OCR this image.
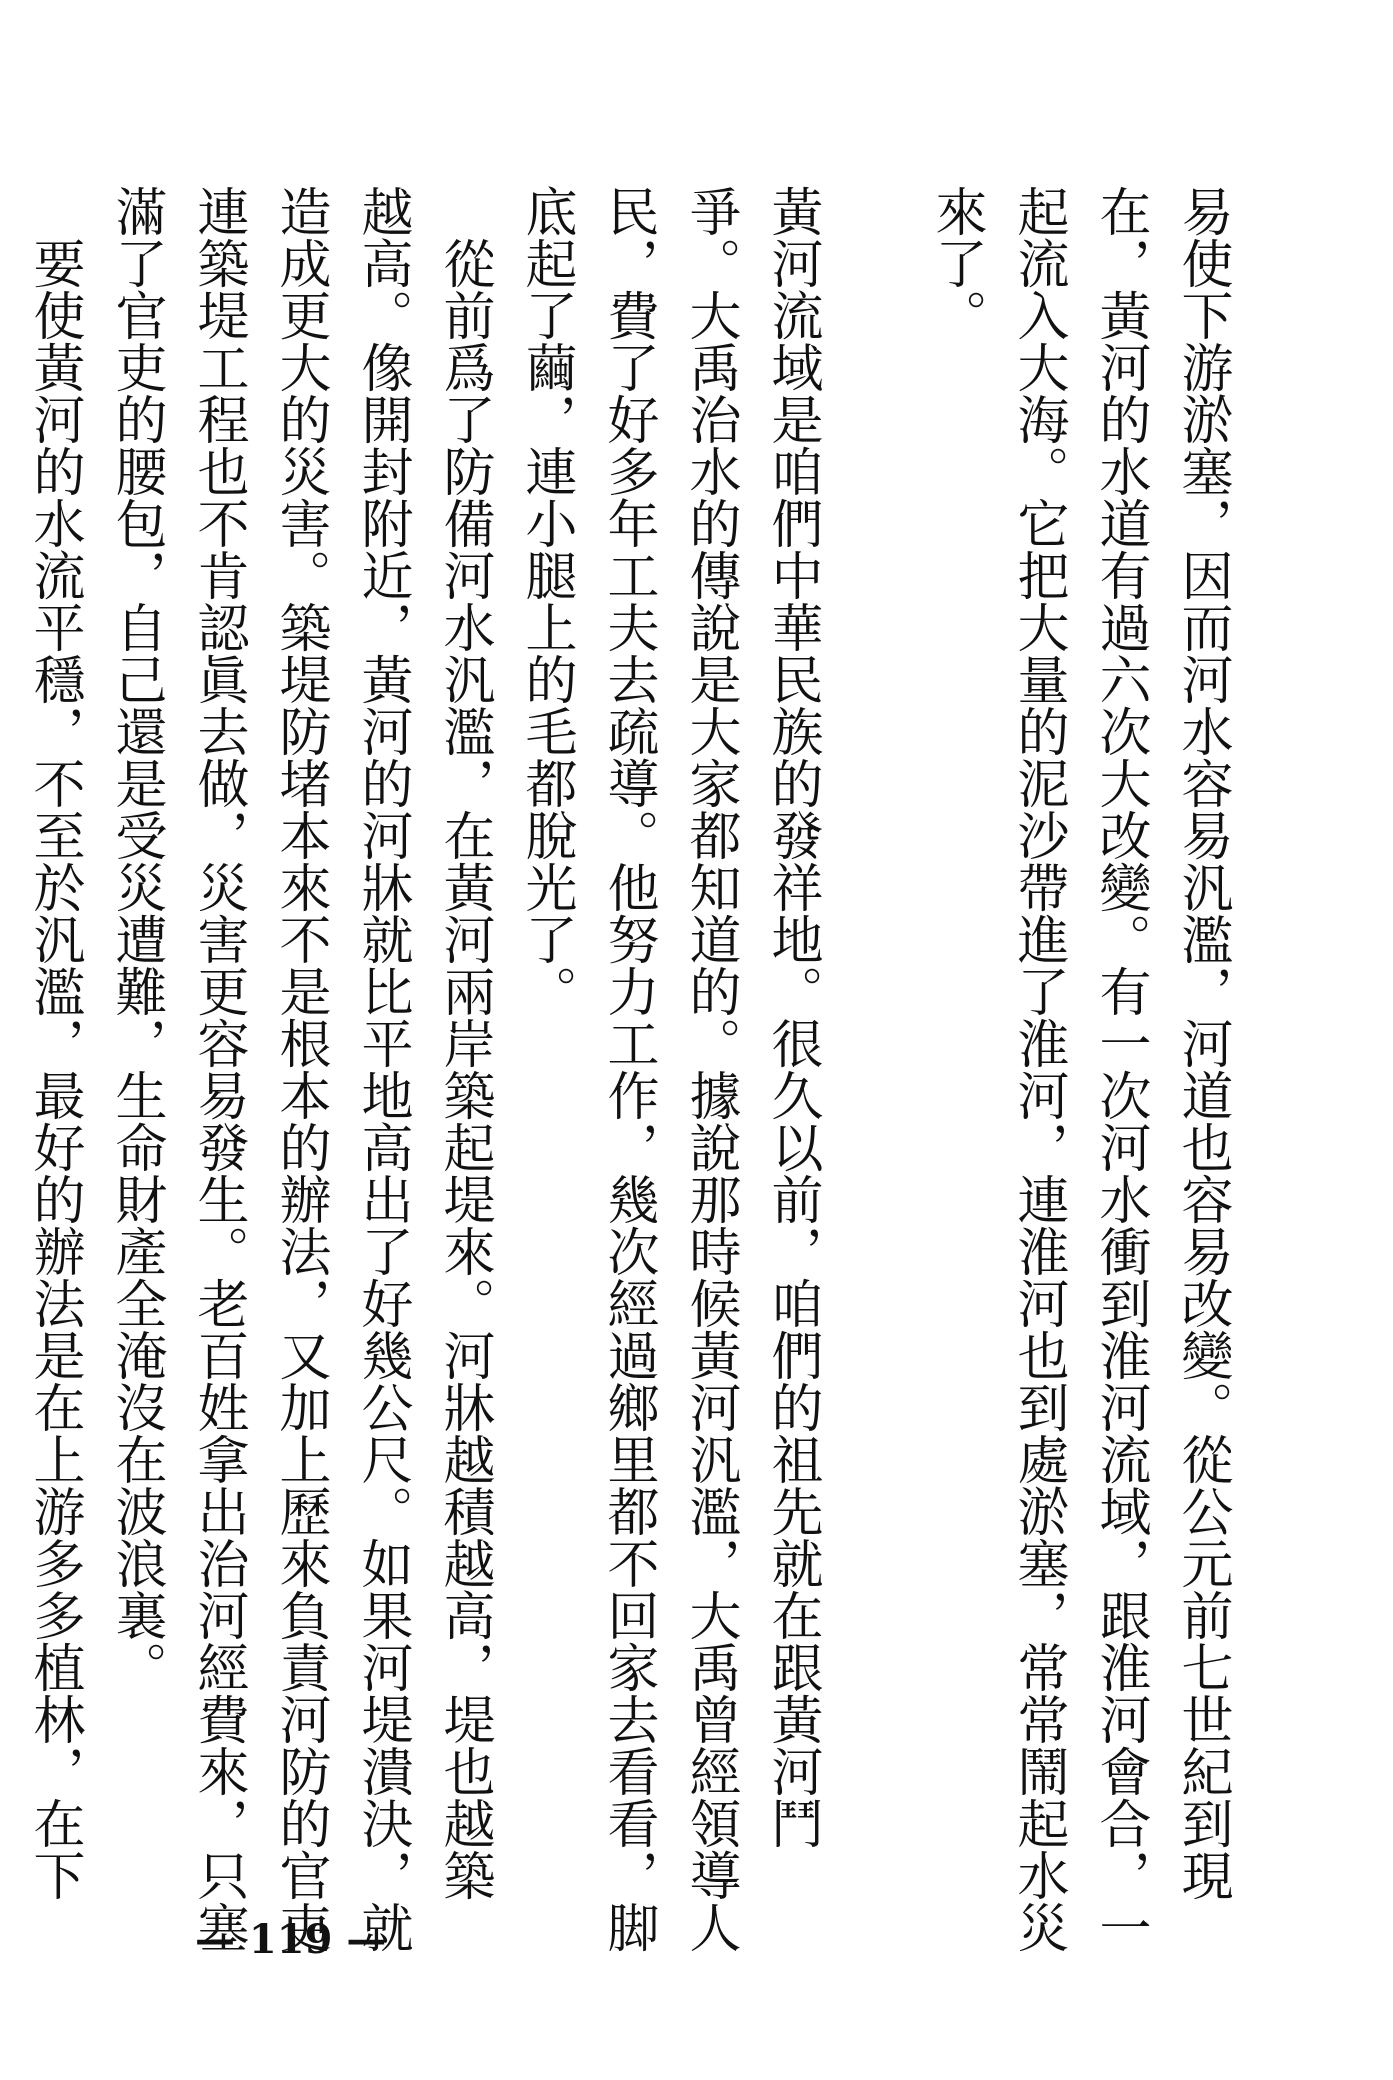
易使下游淤塞，因而河水容易汎濫，河道也容易改變。從公元前七世紀到現
在，黃河的水道有過六次大改變。有一次河水衝到淮河流域，跟淮河會合，一
起流入大海。它把大量的泥沙帶進了淮河，連淮河也到處淤塞，常常鬧起水災
來了。

黃河流域是咱們中華民族的發祥地。很久以前，咱們的祖先就在跟黃河鬥
爭。大禹治水的傳說是大家都知道的。據說那時候黃河汎濫，大禹曾經領導人
民，費了好多年工夫去疏導。他努力工作，幾次經過鄉里都不回家去看看，脚
底起了繭，連小腿上的毛都脫光了。
　從前爲了防備河水汎濫，在黃河兩岸築起堤來。河牀越積越高，堤也越築
越高。像開封附近，黃河的河牀就比平地高出了好幾公尺。如果河堤潰決，就
造成更大的災害。築堤防堵本來不是根本的辦法，又加上歷來負責河防的官吏
連築堤工程也不肯認眞去做，災害更容易發生。老百姓拿出治河經費來，只塞
滿了官吏的腰包，自己還是受災遭難，生命財產全淹沒在波浪裏。
　要使黃河的水流平穩，不至於汎濫，最好的辦法是在上游多多植林，在下
— 119 —
